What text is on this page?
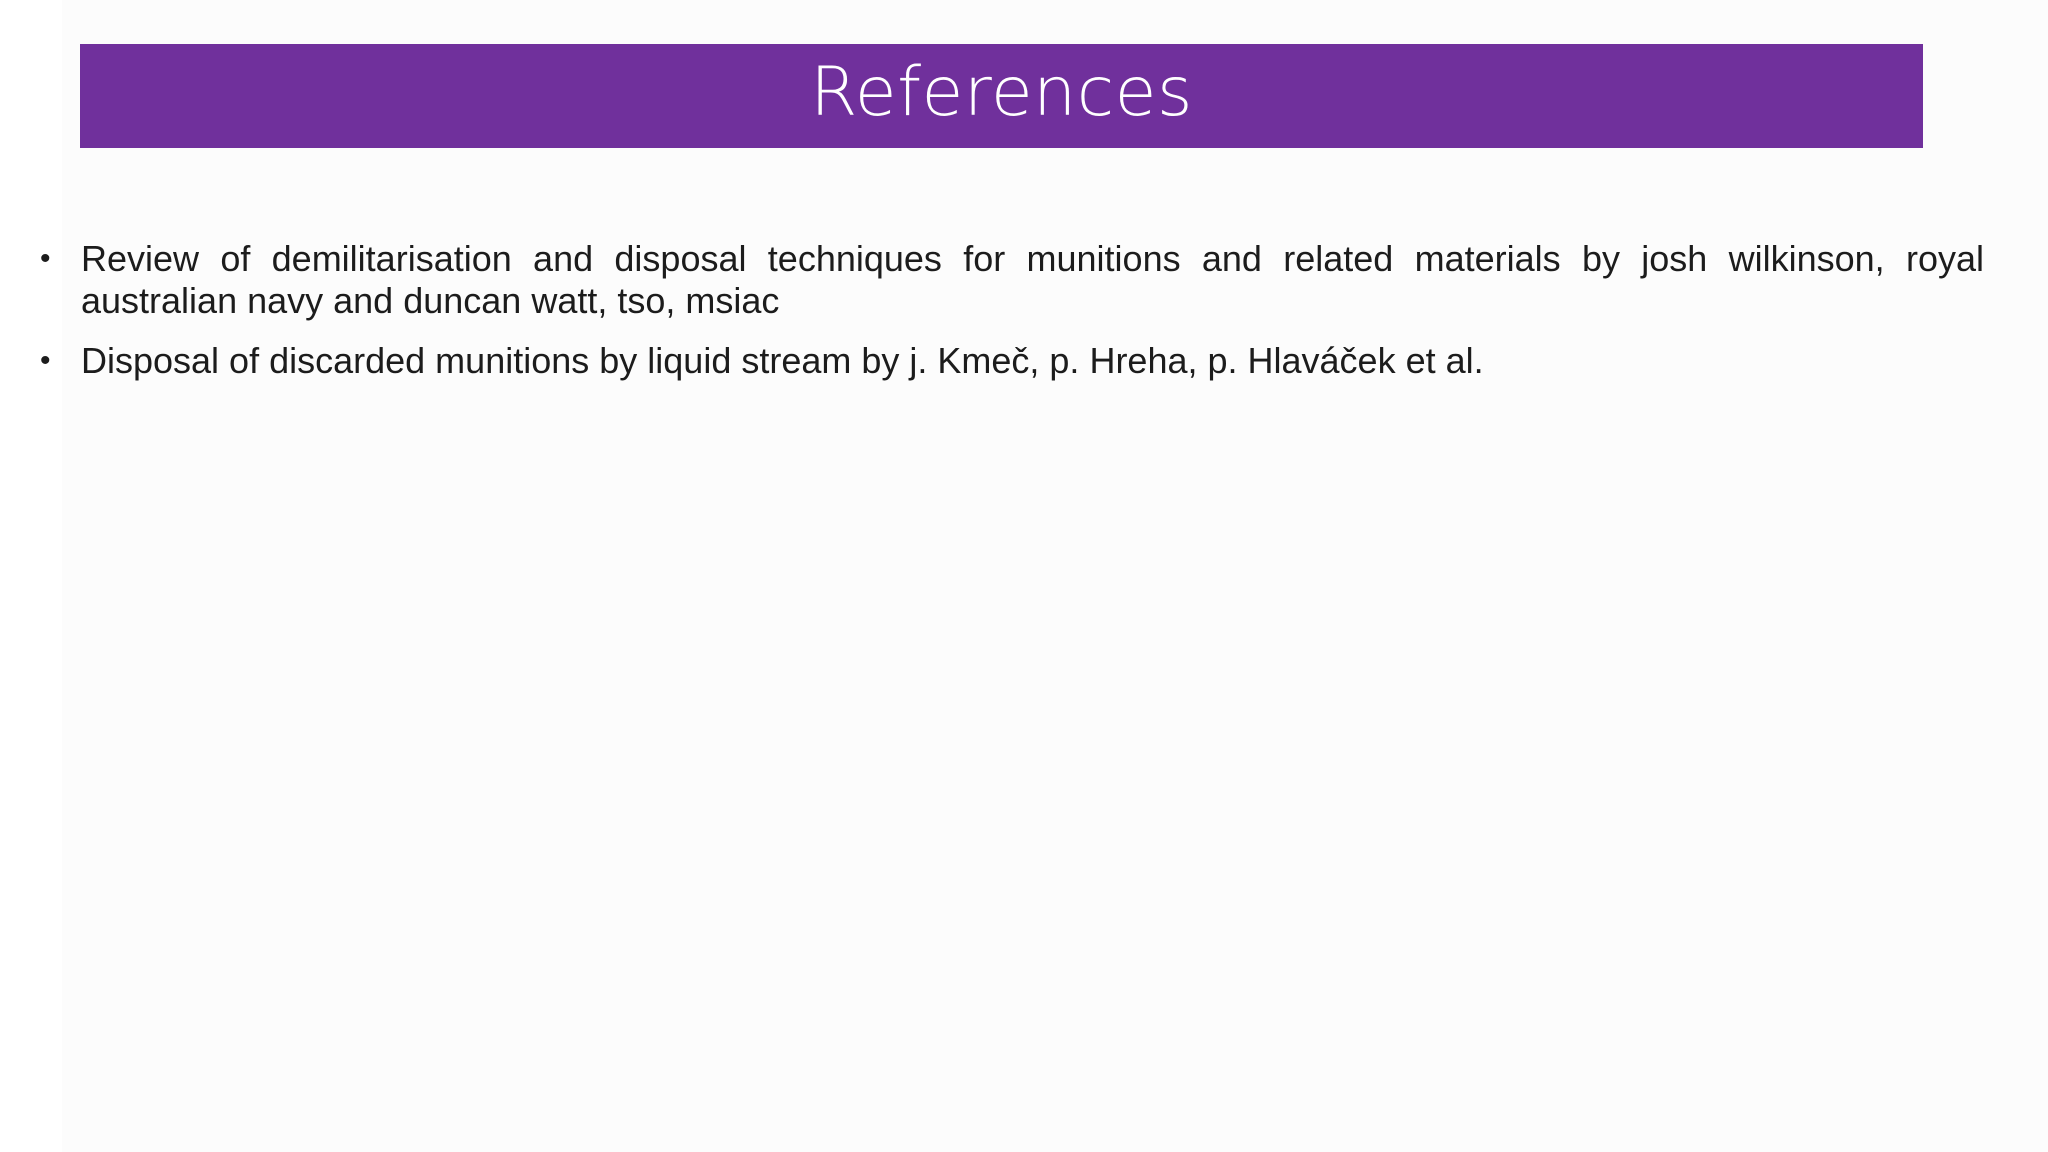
References
• Review of demilitarisation and disposal techniques for munitions and related materials by josh wilkinson, royal australian navy and duncan watt, tso, msiac
• Disposal of discarded munitions by liquid stream by j. Kmeč, p. Hreha, p. Hlaváček et al.
